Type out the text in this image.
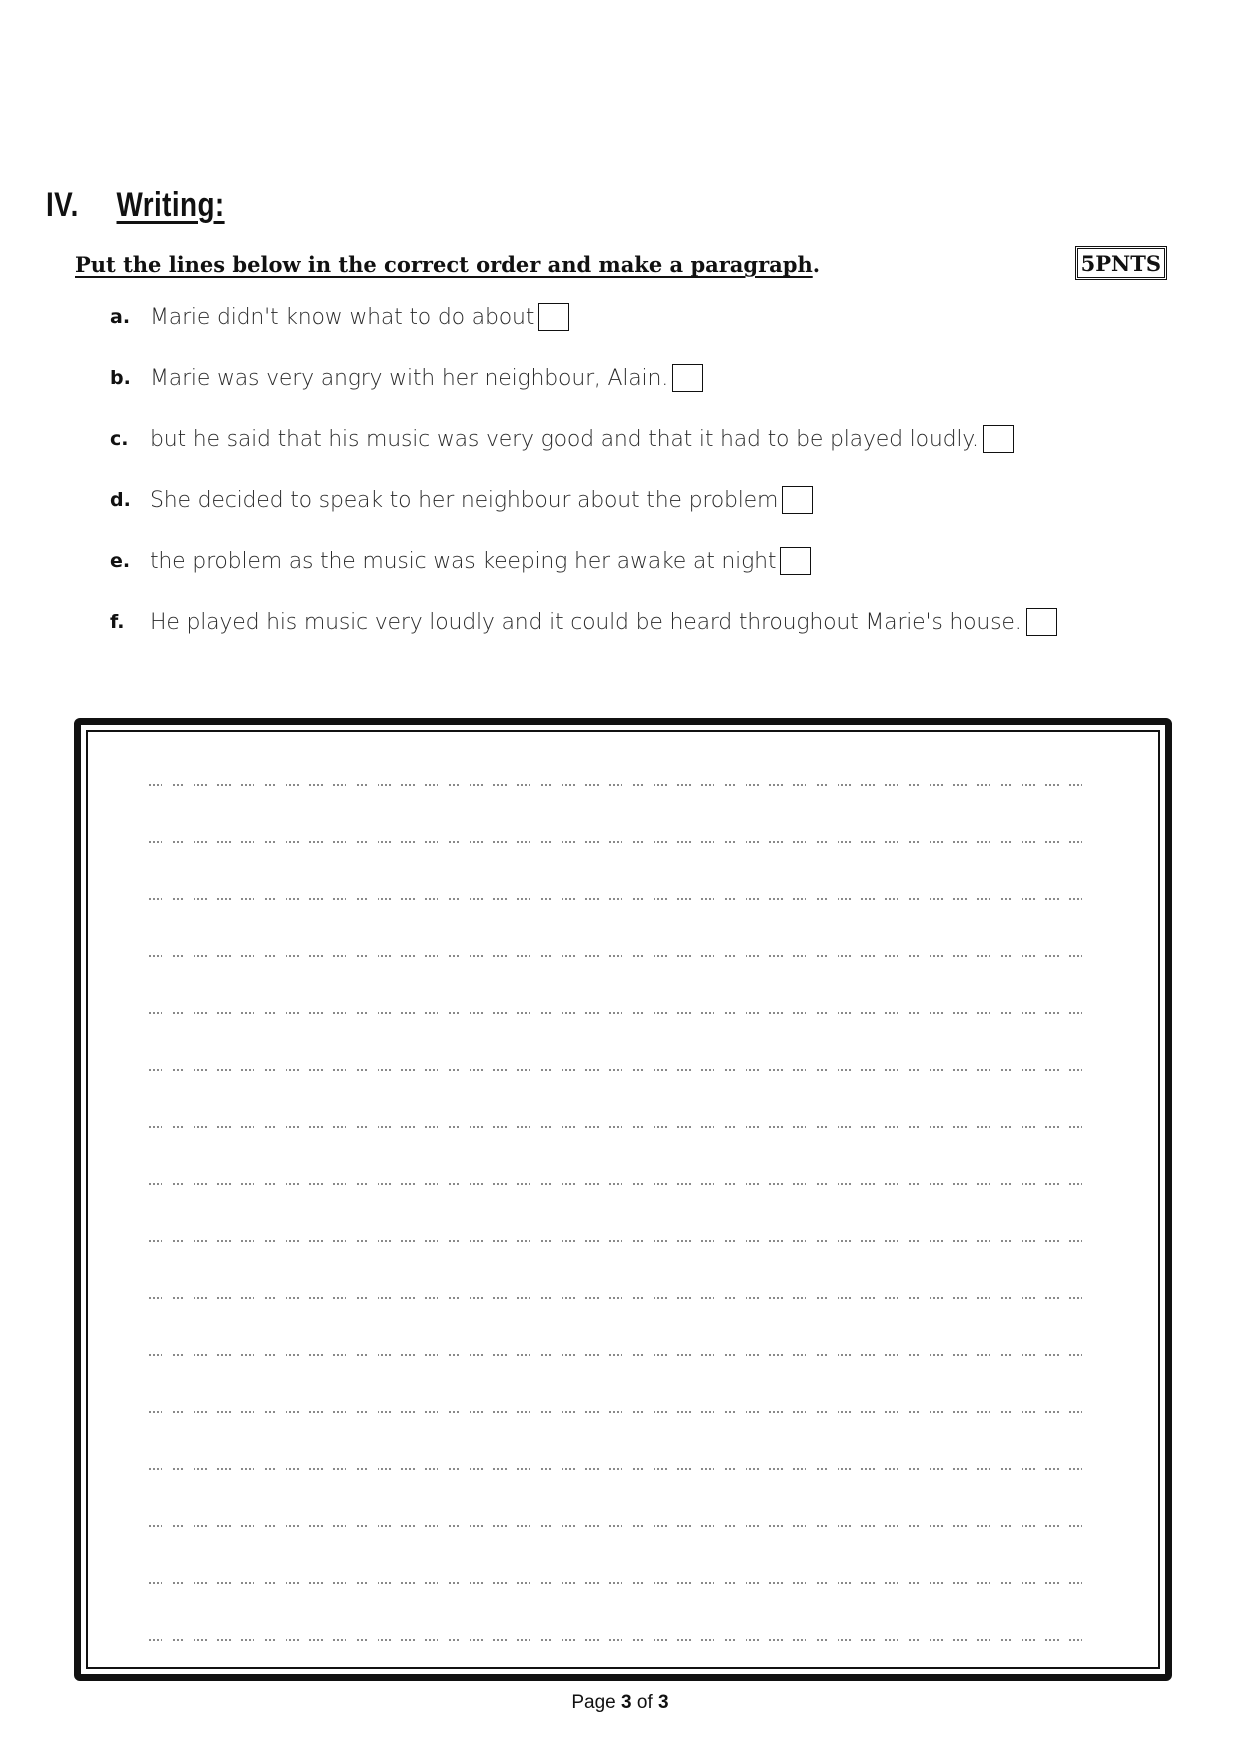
IV.	Writing:
Put the lines below in the correct order and make a paragraph.	5PNTS
a. Marie didn't know what to do about
b. Marie was very angry with her neighbour, Alain.
c. but he said that his music was very good and that it had to be played loudly.
d. She decided to speak to her neighbour about the problem
e. the problem as the music was keeping her awake at night
f.	He played his music very loudly and it could be heard throughout Marie's house.
Page 3 of 3
